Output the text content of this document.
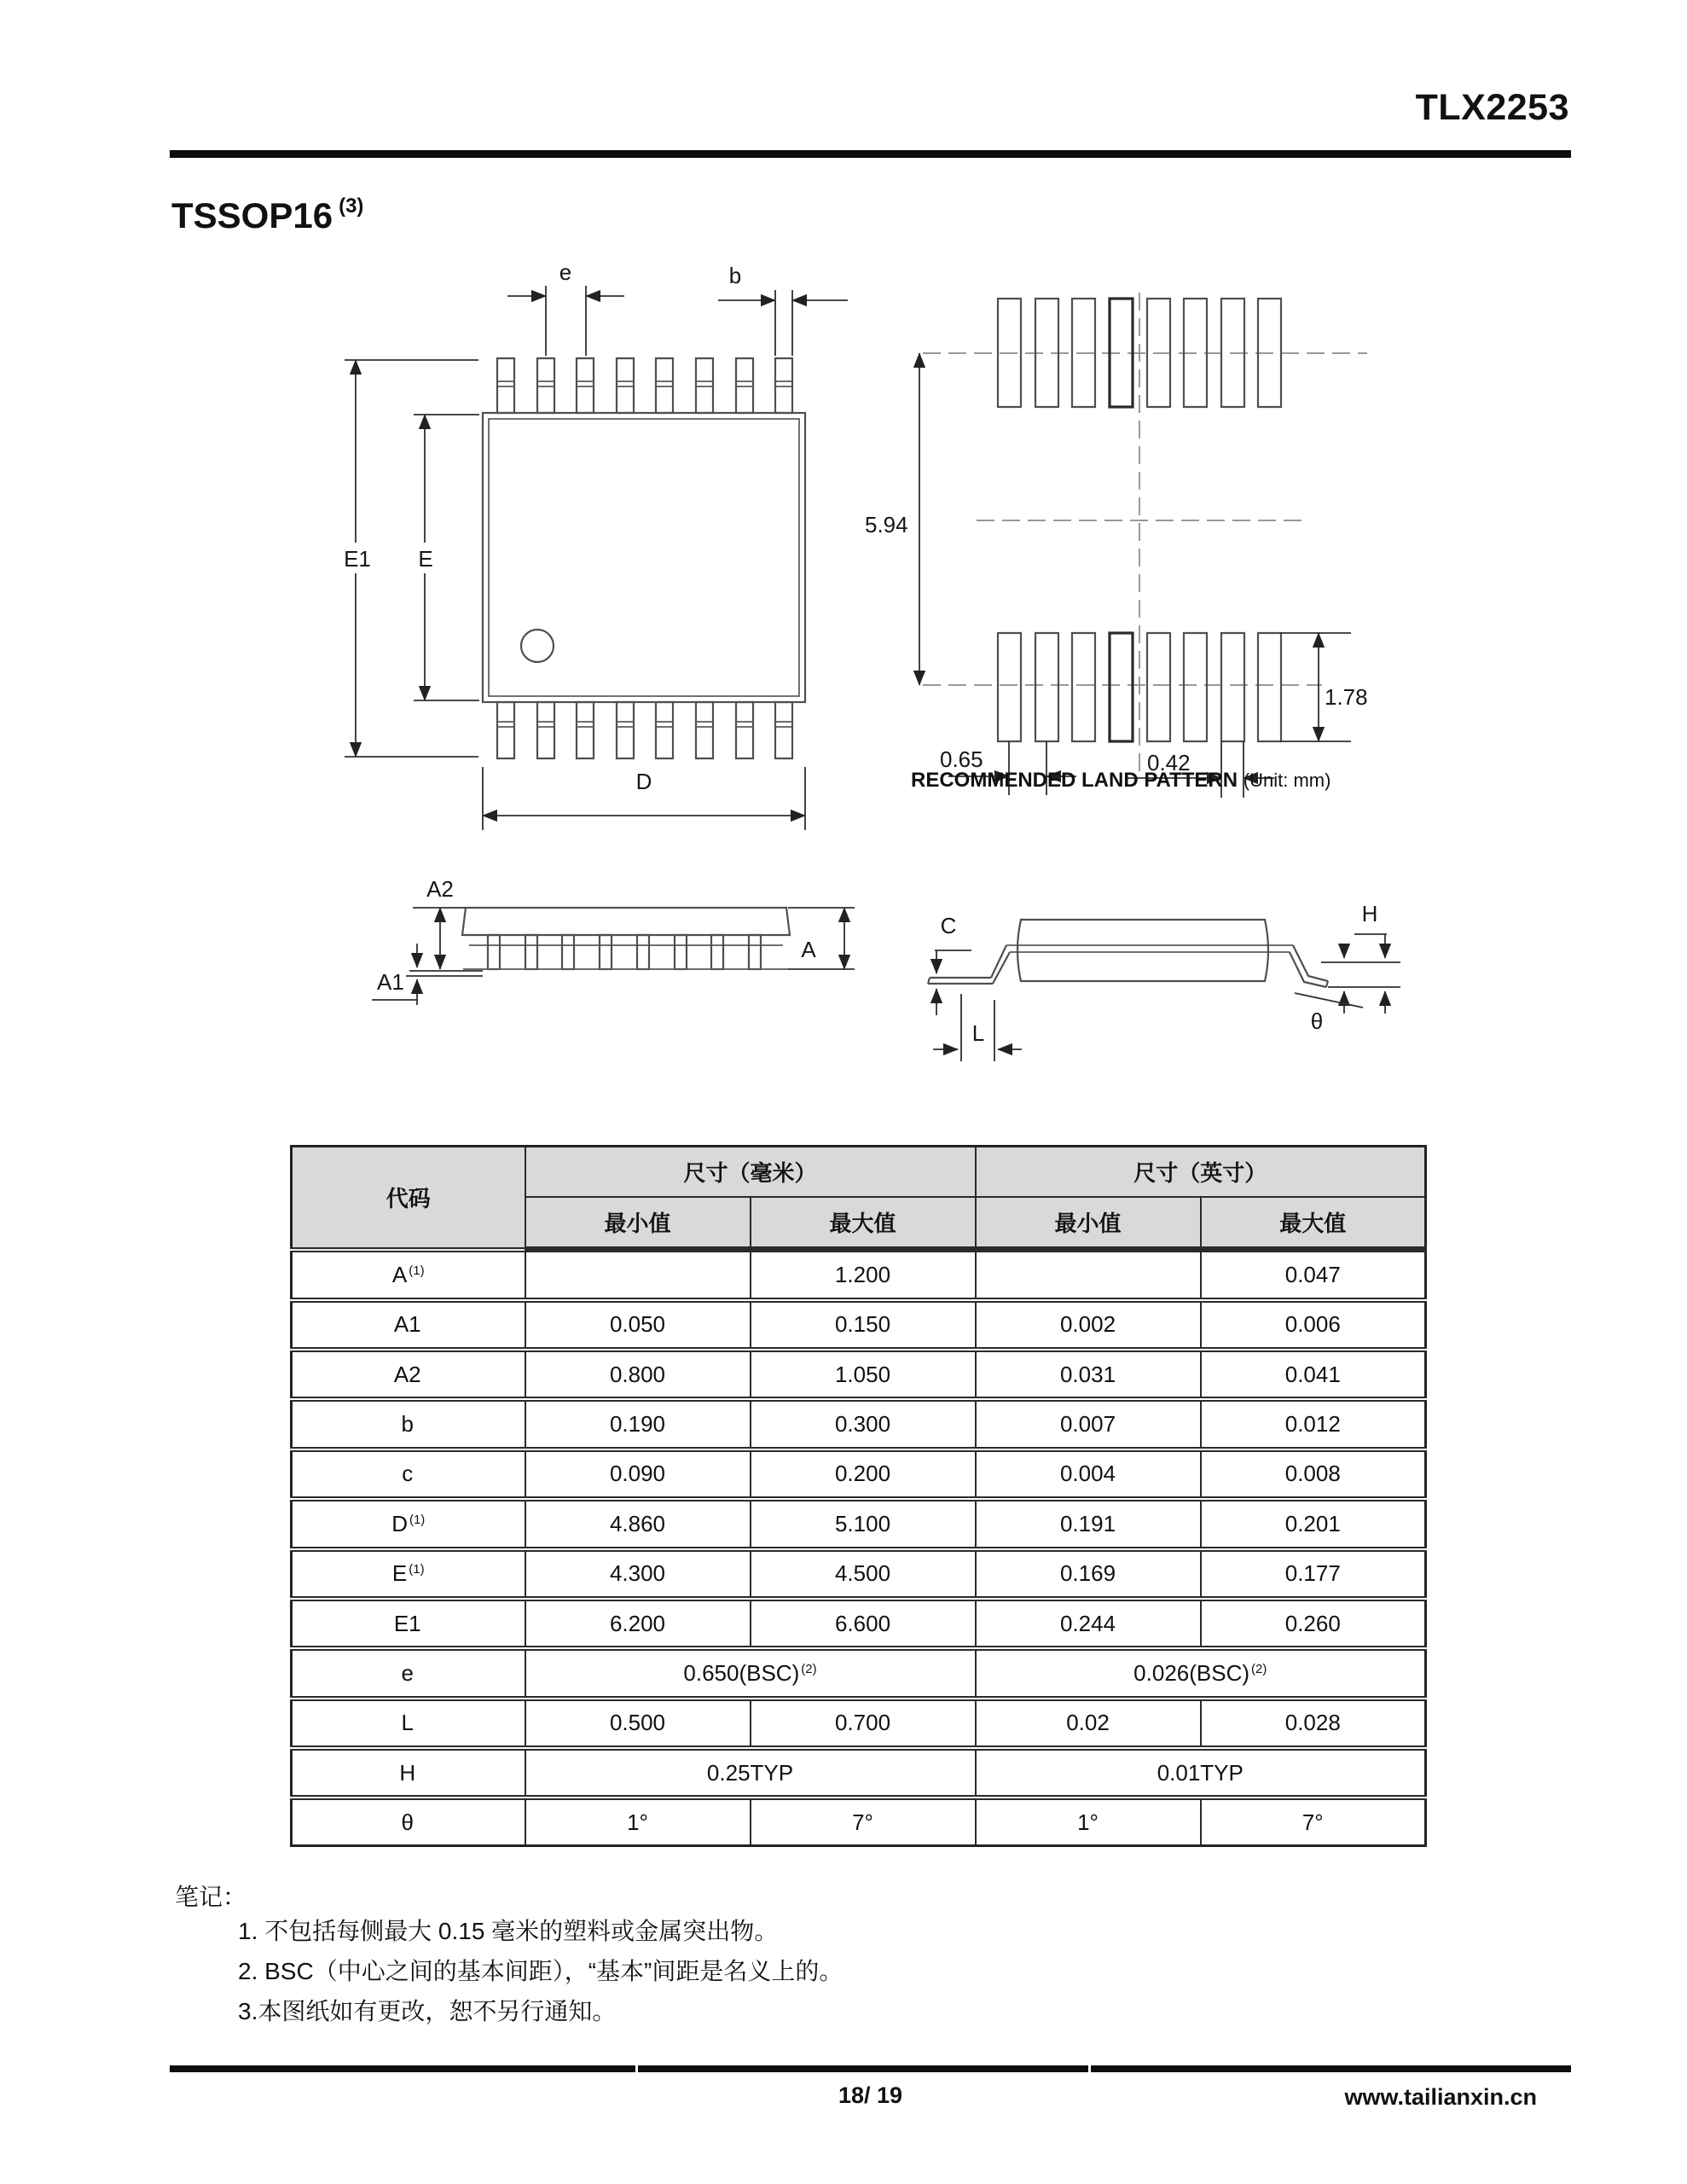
TLX2253
TSSOP16 $^{(3)}$
e	b
E1 E
D
5.94
1.78
0.65	0.42
RECOMMENDED LAND PATTERN (Unit: mm)
A2
A1
A
C
L
H
θ
代码	尺寸（毫米）		尺寸（英寸）	
	最小值	最大值	最小值	最大值
A $^{(1)}$		1.200		0.047
A1	0.050	0.150	0.002	0.006
A2	0.800	1.050	0.031	0.041
b	0.190	0.300	0.007	0.012
c	0.090	0.200	0.004	0.008
D $^{(1)}$	4.860	5.100	0.191	0.201
E $^{(1)}$	4.300	4.500	0.169	0.177
E1	6.200	6.600	0.244	0.260
e	0.650(BSC) $^{(2)}$		0.026(BSC) $^{(2)}$
L	0.500	0.700	0.02	0.028
H	0.25TYP		0.01TYP	
θ	1°	7°	1°	7°
笔记：
1. 不包括每侧最大 0.15 毫米的塑料或金属突出物。
2. BSC（中心之间的基本间距），“基本”间距是名义上的。
3.本图纸如有更改，恕不另行通知。
18/ 19	www.tailianxin.cn
